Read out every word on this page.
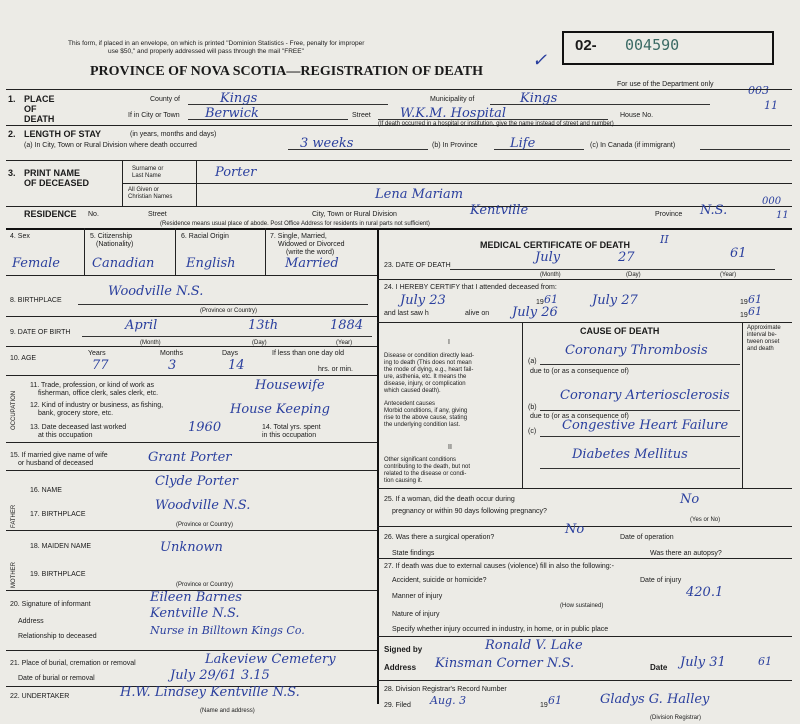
This form, if placed in an envelope, on which is printed "Dominion Statistics - Free, penalty for improper
use $50," and properly addressed will pass through the mail "FREE"
PROVINCE OF NOVA SCOTIA—REGISTRATION OF DEATH
For use of the Department only
02- 004590
✓
003
11
1. PLACE
OF
DEATH
County of	Kings	Municipality of	Kings
If in City or Town Berwick	Street W.K.M. Hospital	House No.
(If death occurred in a hospital or institution, give the name instead of street and number)
2. LENGTH OF STAY	(in years, months and days)
(a) In City, Town or Rural Division where death occurred	3 weeks	(b) In Province Life	(c) In Canada (if immigrant)
3. PRINT NAME
OF DECEASED
Surname or
Last Name
All Given or
Christian Names
Porter
Lena Mariam
RESIDENCE No.	Street	City, Town or Rural Division	Kentville	Province N.S.
000
11
(Residence means usual place of abode. Post Office Address for residents in rural parts not sufficient)
4. Sex	5. Citizenship
(Nationality)
6. Racial Origin	7. Single, Married,
Widowed or Divorced
(write the word)
Female Canadian English	Married
8. BIRTHPLACE
Woodville N.S.
(Province or Country)
9. DATE OF BIRTH	April	13th	1884
(Month)	(Day)	(Year)
10. AGE
Years	Months	Days	If less than one day old
hrs. or min.
77	3	14
OCCUPATION
11. Trade, profession, or kind of work as
fisherman, office clerk, sales clerk, etc.
Housewife
12. Kind of industry or business, as fishing,
bank, grocery store, etc.	House Keeping
13. Date deceased last worked
at this occupation
1960	14. Total yrs. spent
in this occupation
15. If married give name of wife
or husband of deceased	Grant Porter
FATHER
16. NAME
Clyde Porter
17. BIRTHPLACE
Woodville N.S.
(Province or Country)
MOTHER
18. MAIDEN NAME	Unknown
19. BIRTHPLACE
(Province or Country)
20. Signature of informant	Eileen Barnes
Address
Kentville N.S.
Relationship to deceased	Nurse in Billtown Kings Co.
21. Place of burial, cremation or removal	Lakeview Cemetery
Date of burial or removal	July 29/61 3.15
22. UNDERTAKER	H.W. Lindsey Kentville N.S.
(Name and address)
MEDICAL CERTIFICATE OF DEATH	II
23. DATE OF DEATH
July	27	61
(Month)	(Day)	(Year)
24. I HEREBY CERTIFY that I attended deceased from:
July 23	19 61	July 27	19 61
and last saw h	alive on July 26	19 61
CAUSE OF DEATH	Approximate
interval be-
tween onset
and death
I
Disease or condition directly lead-
ing to death (This does not mean
the mode of dying, e.g., heart fail-
ure, asthenia, etc. It means the
disease, injury, or complication
which caused death).
(a)
Coronary Thrombosis
due to (or as a consequence of)
Antecedent causes
Morbid conditions, if any, giving
rise to the above cause, stating
the underlying condition last.
(b)
Coronary Arteriosclerosis
due to (or as a consequence of)
(c) Congestive Heart Failure
II
Other significant conditions
contributing to the death, but not
related to the disease or condi-
tion causing it.
Diabetes Mellitus
25. If a woman, did the death occur during
pregnancy or within 90 days following pregnancy?
No
(Yes or No)
26. Was there a surgical operation?
No
Date of operation
State findings	Was there an autopsy?
27. If death was due to external causes (violence) fill in also the following:-
Accident, suicide or homicide?	Date of injury
Manner of injury	420.1
(How sustained)
Nature of injury
Specify whether injury occurred in industry, in home, or in public place
Signed by	Ronald V. Lake
Address Kinsman Corner N.S.	Date July 31	61
28. Division Registrar's Record Number
29. Filed Aug. 3	19 61	Gladys G. Halley
(Division Registrar)
